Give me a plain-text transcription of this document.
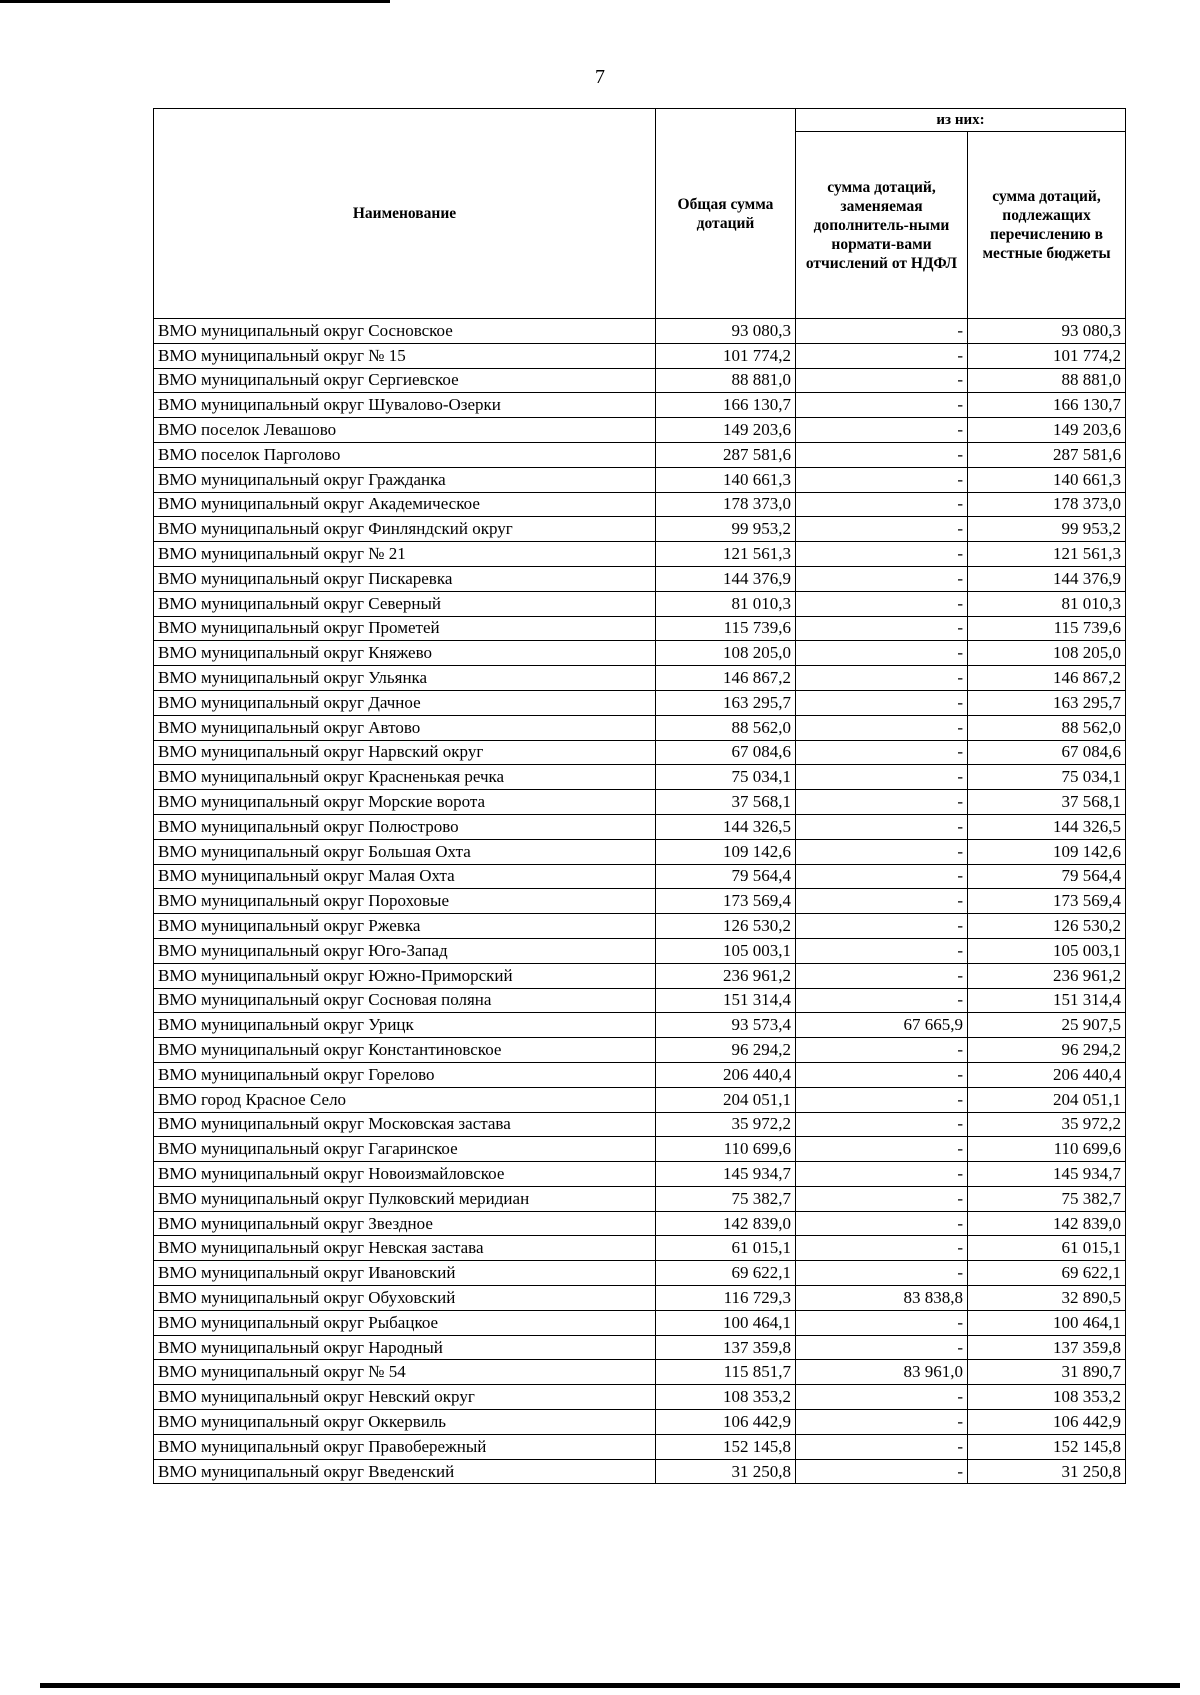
7
Наименование	Общая сумма дотаций	из них:	
		сумма дотаций, заменяемая дополнитель-ными нормати-вами отчислений от НДФЛ	сумма дотаций, подлежащих перечислению в местные бюджеты
ВМО муниципальный округ Сосновское	93 080,3	-	93 080,3
ВМО муниципальный округ № 15	101 774,2	-	101 774,2
ВМО муниципальный округ Сергиевское	88 881,0	-	88 881,0
ВМО муниципальный округ Шувалово-Озерки	166 130,7	-	166 130,7
ВМО поселок Левашово	149 203,6	-	149 203,6
ВМО поселок Парголово	287 581,6	-	287 581,6
ВМО муниципальный округ Гражданка	140 661,3	-	140 661,3
ВМО муниципальный округ Академическое	178 373,0	-	178 373,0
ВМО муниципальный округ Финляндский округ	99 953,2	-	99 953,2
ВМО муниципальный округ № 21	121 561,3	-	121 561,3
ВМО муниципальный округ Пискаревка	144 376,9	-	144 376,9
ВМО муниципальный округ Северный	81 010,3	-	81 010,3
ВМО муниципальный округ Прометей	115 739,6	-	115 739,6
ВМО муниципальный округ Княжево	108 205,0	-	108 205,0
ВМО муниципальный округ Ульянка	146 867,2	-	146 867,2
ВМО муниципальный округ Дачное	163 295,7	-	163 295,7
ВМО муниципальный округ Автово	88 562,0	-	88 562,0
ВМО муниципальный округ Нарвский округ	67 084,6	-	67 084,6
ВМО муниципальный округ Красненькая речка	75 034,1	-	75 034,1
ВМО муниципальный округ Морские ворота	37 568,1	-	37 568,1
ВМО муниципальный округ Полюстрово	144 326,5	-	144 326,5
ВМО муниципальный округ Большая Охта	109 142,6	-	109 142,6
ВМО муниципальный округ Малая Охта	79 564,4	-	79 564,4
ВМО муниципальный округ Пороховые	173 569,4	-	173 569,4
ВМО муниципальный округ Ржевка	126 530,2	-	126 530,2
ВМО муниципальный округ Юго-Запад	105 003,1	-	105 003,1
ВМО муниципальный округ Южно-Приморский	236 961,2	-	236 961,2
ВМО муниципальный округ Сосновая поляна	151 314,4	-	151 314,4
ВМО муниципальный округ Урицк	93 573,4	67 665,9	25 907,5
ВМО муниципальный округ Константиновское	96 294,2	-	96 294,2
ВМО муниципальный округ Горелово	206 440,4	-	206 440,4
ВМО город Красное Село	204 051,1	-	204 051,1
ВМО муниципальный округ Московская застава	35 972,2	-	35 972,2
ВМО муниципальный округ Гагаринское	110 699,6	-	110 699,6
ВМО муниципальный округ Новоизмайловское	145 934,7	-	145 934,7
ВМО муниципальный округ Пулковский меридиан	75 382,7	-	75 382,7
ВМО муниципальный округ Звездное	142 839,0	-	142 839,0
ВМО муниципальный округ Невская застава	61 015,1	-	61 015,1
ВМО муниципальный округ Ивановский	69 622,1	-	69 622,1
ВМО муниципальный округ Обуховский	116 729,3	83 838,8	32 890,5
ВМО муниципальный округ Рыбацкое	100 464,1	-	100 464,1
ВМО муниципальный округ Народный	137 359,8	-	137 359,8
ВМО муниципальный округ № 54	115 851,7	83 961,0	31 890,7
ВМО муниципальный округ Невский округ	108 353,2	-	108 353,2
ВМО муниципальный округ Оккервиль	106 442,9	-	106 442,9
ВМО муниципальный округ Правобережный	152 145,8	-	152 145,8
ВМО муниципальный округ Введенский	31 250,8	-	31 250,8
